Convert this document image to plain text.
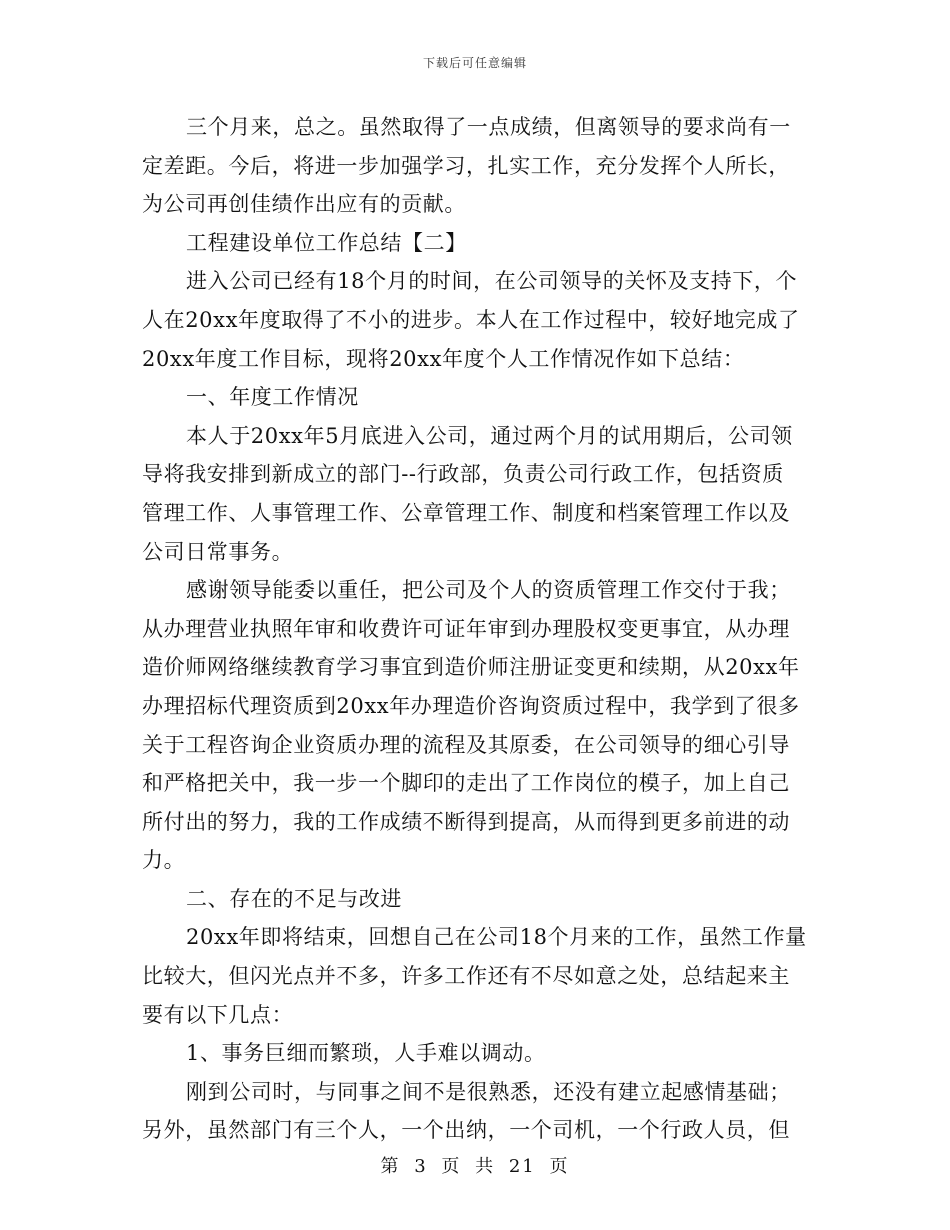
下载后可任意编辑
三个月来，总之。虽然取得了一点成绩，但离领导的要求尚有一
定差距。今后，将进一步加强学习，扎实工作，充分发挥个人所长，
为公司再创佳绩作出应有的贡献。
工程建设单位工作总结【二】
进入公司已经有18个月的时间，在公司领导的关怀及支持下，个
人在20xx年度取得了不小的进步。本人在工作过程中，较好地完成了
20xx年度工作目标，现将20xx年度个人工作情况作如下总结：
一、年度工作情况
本人于20xx年5月底进入公司，通过两个月的试用期后，公司领
导将我安排到新成立的部门--行政部，负责公司行政工作，包括资质
管理工作、人事管理工作、公章管理工作、制度和档案管理工作以及
公司日常事务。
感谢领导能委以重任，把公司及个人的资质管理工作交付于我；
从办理营业执照年审和收费许可证年审到办理股权变更事宜，从办理
造价师网络继续教育学习事宜到造价师注册证变更和续期，从20xx年
办理招标代理资质到20xx年办理造价咨询资质过程中，我学到了很多
关于工程咨询企业资质办理的流程及其原委，在公司领导的细心引导
和严格把关中，我一步一个脚印的走出了工作岗位的模子，加上自己
所付出的努力，我的工作成绩不断得到提高，从而得到更多前进的动
力。
二、存在的不足与改进
20xx年即将结束，回想自己在公司18个月来的工作，虽然工作量
比较大，但闪光点并不多，许多工作还有不尽如意之处，总结起来主
要有以下几点：
1、事务巨细而繁琐，人手难以调动。
刚到公司时，与同事之间不是很熟悉，还没有建立起感情基础；
另外，虽然部门有三个人，一个出纳，一个司机，一个行政人员，但
第 3 页 共 21 页
